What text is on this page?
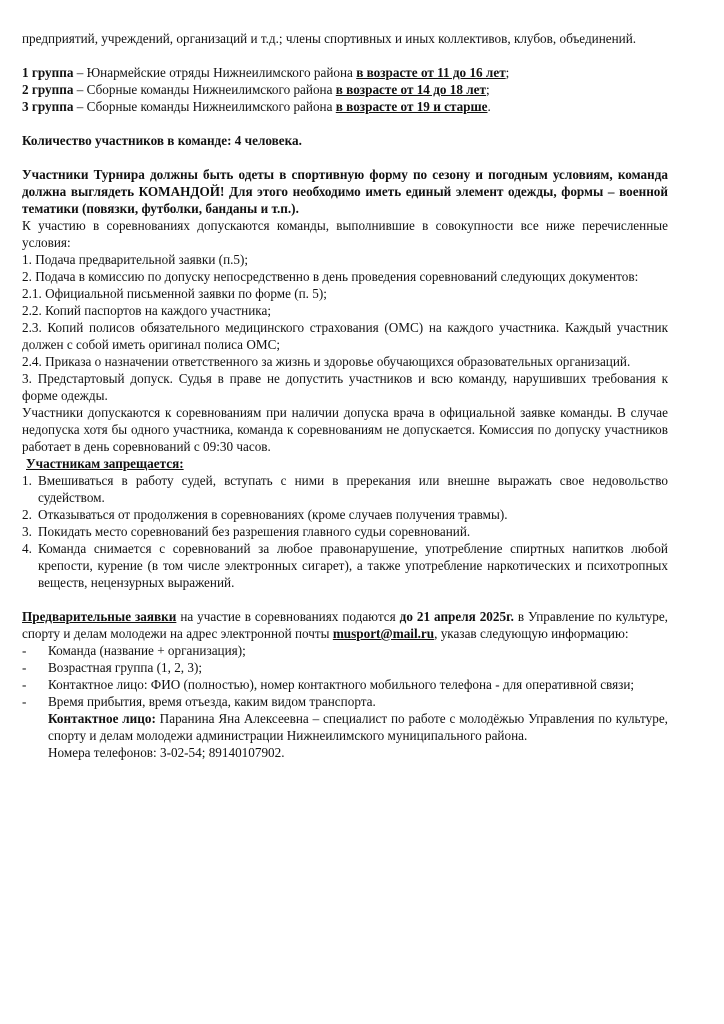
предприятий, учреждений, организаций и т.д.; члены спортивных и иных коллективов, клубов, объединений.

1 группа – Юнармейские отряды Нижнеилимского района в возрасте от 11 до 16 лет;

2 группа – Сборные команды Нижнеилимского района в возрасте от 14 до 18 лет;

3 группа – Сборные команды Нижнеилимского района в возрасте от 19 и старше.

Количество участников в команде: 4 человека.

Участники Турнира должны быть одеты в спортивную форму по сезону и погодным условиям, команда должна выглядеть КОМАНДОЙ! Для этого необходимо иметь единый элемент одежды, формы – военной тематики (повязки, футболки, банданы и т.п.).

К участию в соревнованиях допускаются команды, выполнившие в совокупности все ниже перечисленные условия:

1. Подача предварительной заявки (п.5);

2. Подача в комиссию по допуску непосредственно в день проведения соревнований следующих документов:

2.1. Официальной письменной заявки по форме (п. 5);

2.2. Копий паспортов на каждого участника;

2.3. Копий полисов обязательного медицинского страхования (ОМС) на каждого участника. Каждый участник должен с собой иметь оригинал полиса ОМС;

2.4. Приказа о назначении ответственного за жизнь и здоровье обучающихся образовательных организаций.

3. Предстартовый допуск. Судья в праве не допустить участников и всю команду, нарушивших требования к форме одежды.

Участники допускаются к соревнованиям при наличии допуска врача в официальной заявке команды. В случае недопуска хотя бы одного участника, команда к соревнованиям не допускается. Комиссия по допуску участников работает в день соревнований с 09:30 часов.

Участникам запрещается:

1. Вмешиваться в работу судей, вступать с ними в пререкания или внешне выражать свое недовольство судейством.
2. Отказываться от продолжения в соревнованиях (кроме случаев получения травмы).
3. Покидать место соревнований без разрешения главного судьи соревнований.
4. Команда снимается с соревнований за любое правонарушение, употребление спиртных напитков любой крепости, курение (в том числе электронных сигарет), а также употребление наркотических и психотропных веществ, нецензурных выражений.

Предварительные заявки на участие в соревнованиях подаются до 21 апреля 2025г. в Управление по культуре, спорту и делам молодежи на адрес электронной почты musport@mail.ru, указав следующую информацию:

-	Команда (название + организация);
-	Возрастная группа (1, 2, 3);
-	Контактное лицо: ФИО (полностью), номер контактного мобильного телефона - для оперативной связи;
-	Время прибытия, время отъезда, каким видом транспорта.

Контактное лицо: Паранина Яна Алексеевна – специалист по работе с молодёжью Управления по культуре, спорту и делам молодежи администрации Нижнеилимского муниципального района.

Номера телефонов: 3-02-54; 89140107902.
